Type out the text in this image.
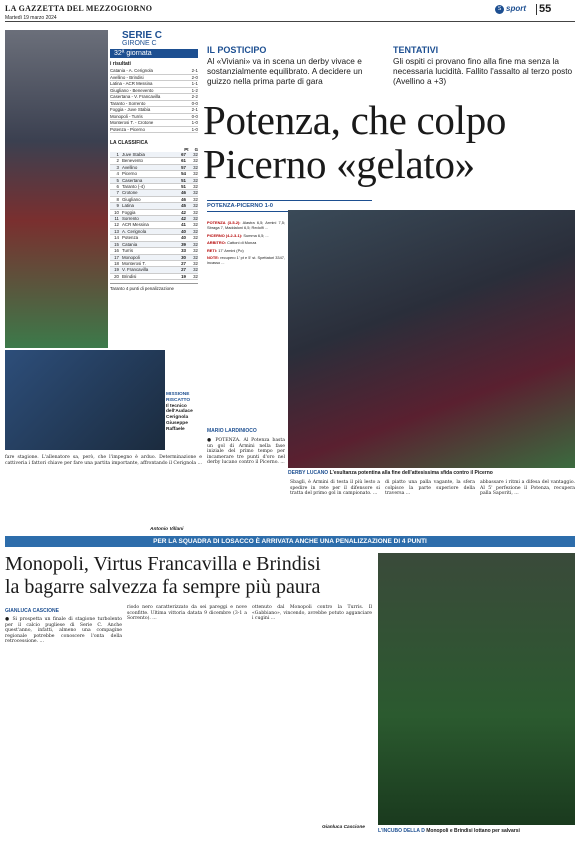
LA GAZZETTA DEL MEZZOGIORNO
Martedì 19 marzo 2024
S sport 55
SERIE C
GIRONE C
32ª giornata
i risultati
Catania - A. Cerignola	2-1
Avellino - Brindisi	2-0
Latina - ACR Messina	1-1
Giugliano - Benevento	1-2
Casertana - V. Francavilla	2-2
Taranto - Sorrento	0-0
Foggia - Juve Stabia	2-1
Monopoli - Turris	0-0
Monterosi T. - Crotone	1-0
Potenza - Picerno	1-0
LA CLASSIFICA
Pt G
1 Juve Stabia	67	32
2 Benevento	61	32
3 Avellino	57	32
4 Picerno	54	32
5 Casertana	51	32
6 Taranto (-4)	51	32
7 Crotone	46	32
8 Giugliano	46	32
9 Latina	45	32
10 Foggia	42	32
11 Sorrento	42	32
12 ACR Messina	41	32
13 A. Cerignola	40	32
14 Potenza	40	32
15 Catania	39	32
16 Turris	33	32
17 Monopoli	30	32
18 Monterosi T.	27	32
19 V. Francavilla	27	32
20 Brindisi	19	32
Taranto 4 punti di penalizzazione
IL POSTICIPO
Al «Viviani» va in scena un derby vivace e sostanzialmente equilibrato. A decidere un guizzo nella prima parte di gara
TENTATIVI
Gli ospiti ci provano fino alla fine ma senza la necessaria lucidità. Fallito l'assalto al terzo posto (Avellino a +3)
Potenza, che colpo
Picerno «gelato»
POTENZA-PICERNO 1-0

POTENZA (3-5-2): Alastra 6,5; Armini 7,5; Sbraga 7, Maddaloni 6,5; Redolfi ...

PICERNO (4-2-3-1): Summa 6,5; ...

ARBITRO: Cattoni di Monza

RETI: 17' Armini (Po)

NOTE: recupero 1' pt e 5' st. Spettatori 3347, incasso ...

MARIO LARDINIOCO
DERBY LUCANO L'esultanza potentina alla fine dell'attesissima sfida contro il Picerno

● POTENZA. Al Potenza basta un gol di Armini nella fase iniziale del primo tempo per incamerare tre punti d'oro nel derby lucano contro il Picerno. ...

Sbagli, è Armini di testa il più lesto a spedire in rete per il difensore si tratta del primo gol in campionato. ...

di piatto una palla vagante, la sfera colpisce la parte superiore della traversa ...

abbassare i ritmi a difesa del vantaggio. Al 5' perfezione il Potenza, recupera palla Saporiti, ...

MISSIONE RISCATTO
Il tecnico dell'Audace Cerignola Giuseppe Raffaele

fare stagione. L'allenatore sa, però, che l'impegno è arduo. Determinazione e cattiveria i fattori chiave per fare una partita importante, affrontando il Cerignola ...

Antonio Villani
PER LA SQUADRA DI LOSACCO È ARRIVATA ANCHE UNA PENALIZZAZIONE DI 4 PUNTI
Monopoli, Virtus Francavilla e Brindisi
la bagarre salvezza fa sempre più paura
GIANLUCA CASCIONE

● Si prospetta un finale di stagione turbolento per il calcio pugliese di Serie C. Anche quest'anno, infatti, almeno una compagine regionale potrebbe conoscere l'onta della retrocessione. ...

riodo nero caratterizzato da sei pareggi e nove sconfitte. Ultima vittoria datata 9 dicembre (3-1 a Sorrento). ...

ottenuto dal Monopoli contro la Turris. Il «Gabbiano», vincendo, avrebbe potuto agganciare i cugini ...

Gianluca Cascione
L'INCUBO DELLA D Monopoli e Brindisi lottano per salvarsi
